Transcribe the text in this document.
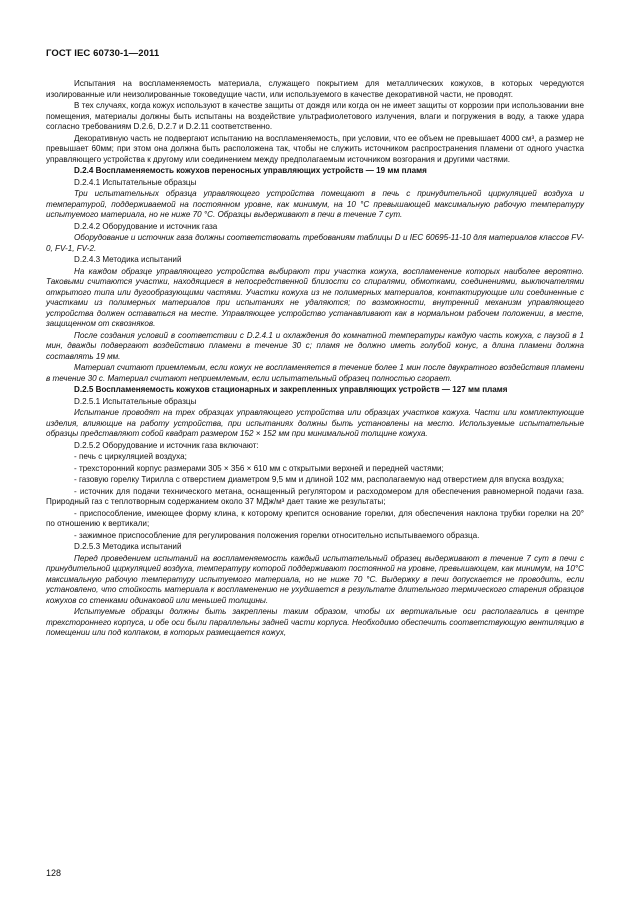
ГОСТ IEC 60730-1—2011

Испытания на воспламеняемость материала, служащего покрытием для металлических кожухов, в которых чередуются изолированные или неизолированные токоведущие части, или используемого в качестве декоративной части, не проводят.

В тех случаях, когда кожух используют в качестве защиты от дождя или когда он не имеет защиты от коррозии при использовании вне помещения, материалы должны быть испытаны на воздействие ультрафиолетового излучения, влаги и погружения в воду, а также удара согласно требованиям D.2.6, D.2.7 и D.2.11 соответственно.

Декоративную часть не подвергают испытанию на воспламеняемость, при условии, что ее объем не превышает 4000 см³, а размер не превышает 60мм; при этом она должна быть расположена так, чтобы не служить источником распространения пламени от одного участка управляющего устройства к другому или соединением между предполагаемым источником возгорания и другими частями.

D.2.4 Воспламеняемость кожухов переносных управляющих устройств — 19 мм пламя

D.2.4.1 Испытательные образцы

Три испытательных образца управляющего устройства помещают в печь с принудительной циркуляцией воздуха и температурой, поддерживаемой на постоянном уровне, как минимум, на 10 °С превышающей максимальную рабочую температуру испытуемого материала, но не ниже 70 °С. Образцы выдерживают в печи в течение 7 сут.

D.2.4.2 Оборудование и источник газа

Оборудование и источник газа должны соответствовать требованиям таблицы D и IEC 60695-11-10 для материалов классов FV-0, FV-1, FV-2.

D.2.4.3 Методика испытаний

На каждом образце управляющего устройства выбирают три участка кожуха, воспламенение которых наиболее вероятно. Таковыми считаются участки, находящиеся в непосредственной близости со спиралями, обмотками, соединениями, выключателями открытого типа или дугообразующими частями. Участки кожуха из не полимерных материалов, контактирующие или соединенные с участками из полимерных материалов при испытаниях не удаляются; по возможности, внутренний механизм управляющего устройства должен оставаться на месте. Управляющее устройство устанавливают как в нормальном рабочем положении, в месте, защищенном от сквозняков.

После создания условий в соответствии с D.2.4.1 и охлаждения до комнатной температуры каждую часть кожуха, с паузой в 1 мин, дважды подвергают воздействию пламени в течение 30 с; пламя не должно иметь голубой конус, а длина пламени должна составлять 19 мм.

Материал считают приемлемым, если кожух не воспламеняется в течение более 1 мин после двукратного воздействия пламени в течение 30 с. Материал считают неприемлемым, если испытательный образец полностью сгорает.

D.2.5 Воспламеняемость кожухов стационарных и закрепленных управляющих устройств — 127 мм пламя

D.2.5.1 Испытательные образцы

Испытание проводят на трех образцах управляющего устройства или образцах участков кожуха. Части или комплектующие изделия, влияющие на работу устройства, при испытаниях должны быть установлены на место. Используемые испытательные образцы представляют собой квадрат размером 152 × 152 мм при минимальной толщине кожуха.

D.2.5.2 Оборудование и источник газа включают:

- печь с циркуляцией воздуха;

- трехсторонний корпус размерами 305 × 356 × 610 мм с открытыми верхней и передней частями;

- газовую горелку Тирилла с отверстием диаметром 9,5 мм и длиной 102 мм, располагаемую над отверстием для впуска воздуха;

- источник для подачи технического метана, оснащенный регулятором и расходомером для обеспечения равномерной подачи газа. Природный газ с теплотворным содержанием около 37 МДж/м³ дает такие же результаты;

- приспособление, имеющее форму клина, к которому крепится основание горелки, для обеспечения наклона трубки горелки на 20° по отношению к вертикали;

- зажимное приспособление для регулирования положения горелки относительно испытываемого образца.

D.2.5.3 Методика испытаний

Перед проведением испытаний на воспламеняемость каждый испытательный образец выдерживают в течение 7 сут в печи с принудительной циркуляцией воздуха, температуру которой поддерживают постоянной на уровне, превышающем, как минимум, на 10°С максимальную рабочую температуру испытуемого материала, но не ниже 70 °С. Выдержку в печи допускается не проводить, если установлено, что стойкость материала к воспламенению не ухудшается в результате длительного термического старения образцов кожухов со стенками одинаковой или меньшей толщины.

Испытуемые образцы должны быть закреплены таким образом, чтобы их вертикальные оси располагались в центре трехстороннего корпуса, и обе оси были параллельны задней части корпуса. Необходимо обеспечить соответствующую вентиляцию в помещении или под колпаком, в которых размещается кожух,

128
